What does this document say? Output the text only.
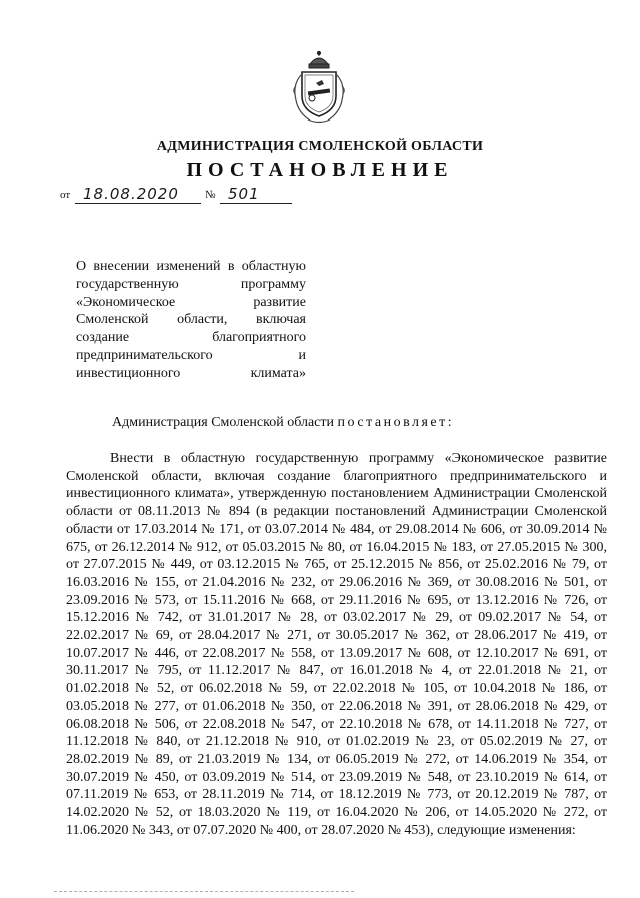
АДМИНИСТРАЦИЯ СМОЛЕНСКОЙ ОБЛАСТИ
ПОСТАНОВЛЕНИЕ
от 18.08.2020	№ 501
О внесении изменений в областную государственную программу «Экономическое развитие Смоленской области, включая создание благоприятного предпринимательского и инвестиционного климата»
Администрация Смоленской области постановляет:
Внести в областную государственную программу «Экономическое развитие Смоленской области, включая создание благоприятного предпринимательского и инвестиционного климата», утвержденную постановлением Администрации Смоленской области от 08.11.2013 № 894 (в редакции постановлений Администрации Смоленской области от 17.03.2014 № 171, от 03.07.2014 № 484, от 29.08.2014 № 606, от 30.09.2014 № 675, от 26.12.2014 № 912, от 05.03.2015 № 80, от 16.04.2015 № 183, от 27.05.2015 № 300, от 27.07.2015 № 449, от 03.12.2015 № 765, от 25.12.2015 № 856, от 25.02.2016 № 79, от 16.03.2016 № 155, от 21.04.2016 № 232, от 29.06.2016 № 369, от 30.08.2016 № 501, от 23.09.2016 № 573, от 15.11.2016 № 668, от 29.11.2016 № 695, от 13.12.2016 № 726, от 15.12.2016 № 742, от 31.01.2017 № 28, от 03.02.2017 № 29, от 09.02.2017 № 54, от 22.02.2017 № 69, от 28.04.2017 № 271, от 30.05.2017 № 362, от 28.06.2017 № 419, от 10.07.2017 № 446, от 22.08.2017 № 558, от 13.09.2017 № 608, от 12.10.2017 № 691, от 30.11.2017 № 795, от 11.12.2017 № 847, от 16.01.2018 № 4, от 22.01.2018 № 21, от 01.02.2018 № 52, от 06.02.2018 № 59, от 22.02.2018 № 105, от 10.04.2018 № 186, от 03.05.2018 № 277, от 01.06.2018 № 350, от 22.06.2018 № 391, от 28.06.2018 № 429, от 06.08.2018 № 506, от 22.08.2018 № 547, от 22.10.2018 № 678, от 14.11.2018 № 727, от 11.12.2018 № 840, от 21.12.2018 № 910, от 01.02.2019 № 23, от 05.02.2019 № 27, от 28.02.2019 № 89, от 21.03.2019 № 134, от 06.05.2019 № 272, от 14.06.2019 № 354, от 30.07.2019 № 450, от 03.09.2019 № 514, от 23.09.2019 № 548, от 23.10.2019 № 614, от 07.11.2019 № 653, от 28.11.2019 № 714, от 18.12.2019 № 773, от 20.12.2019 № 787, от 14.02.2020 № 52, от 18.03.2020 № 119, от 16.04.2020 № 206, от 14.05.2020 № 272, от 11.06.2020 № 343, от 07.07.2020 № 400, от 28.07.2020 № 453), следующие изменения:
